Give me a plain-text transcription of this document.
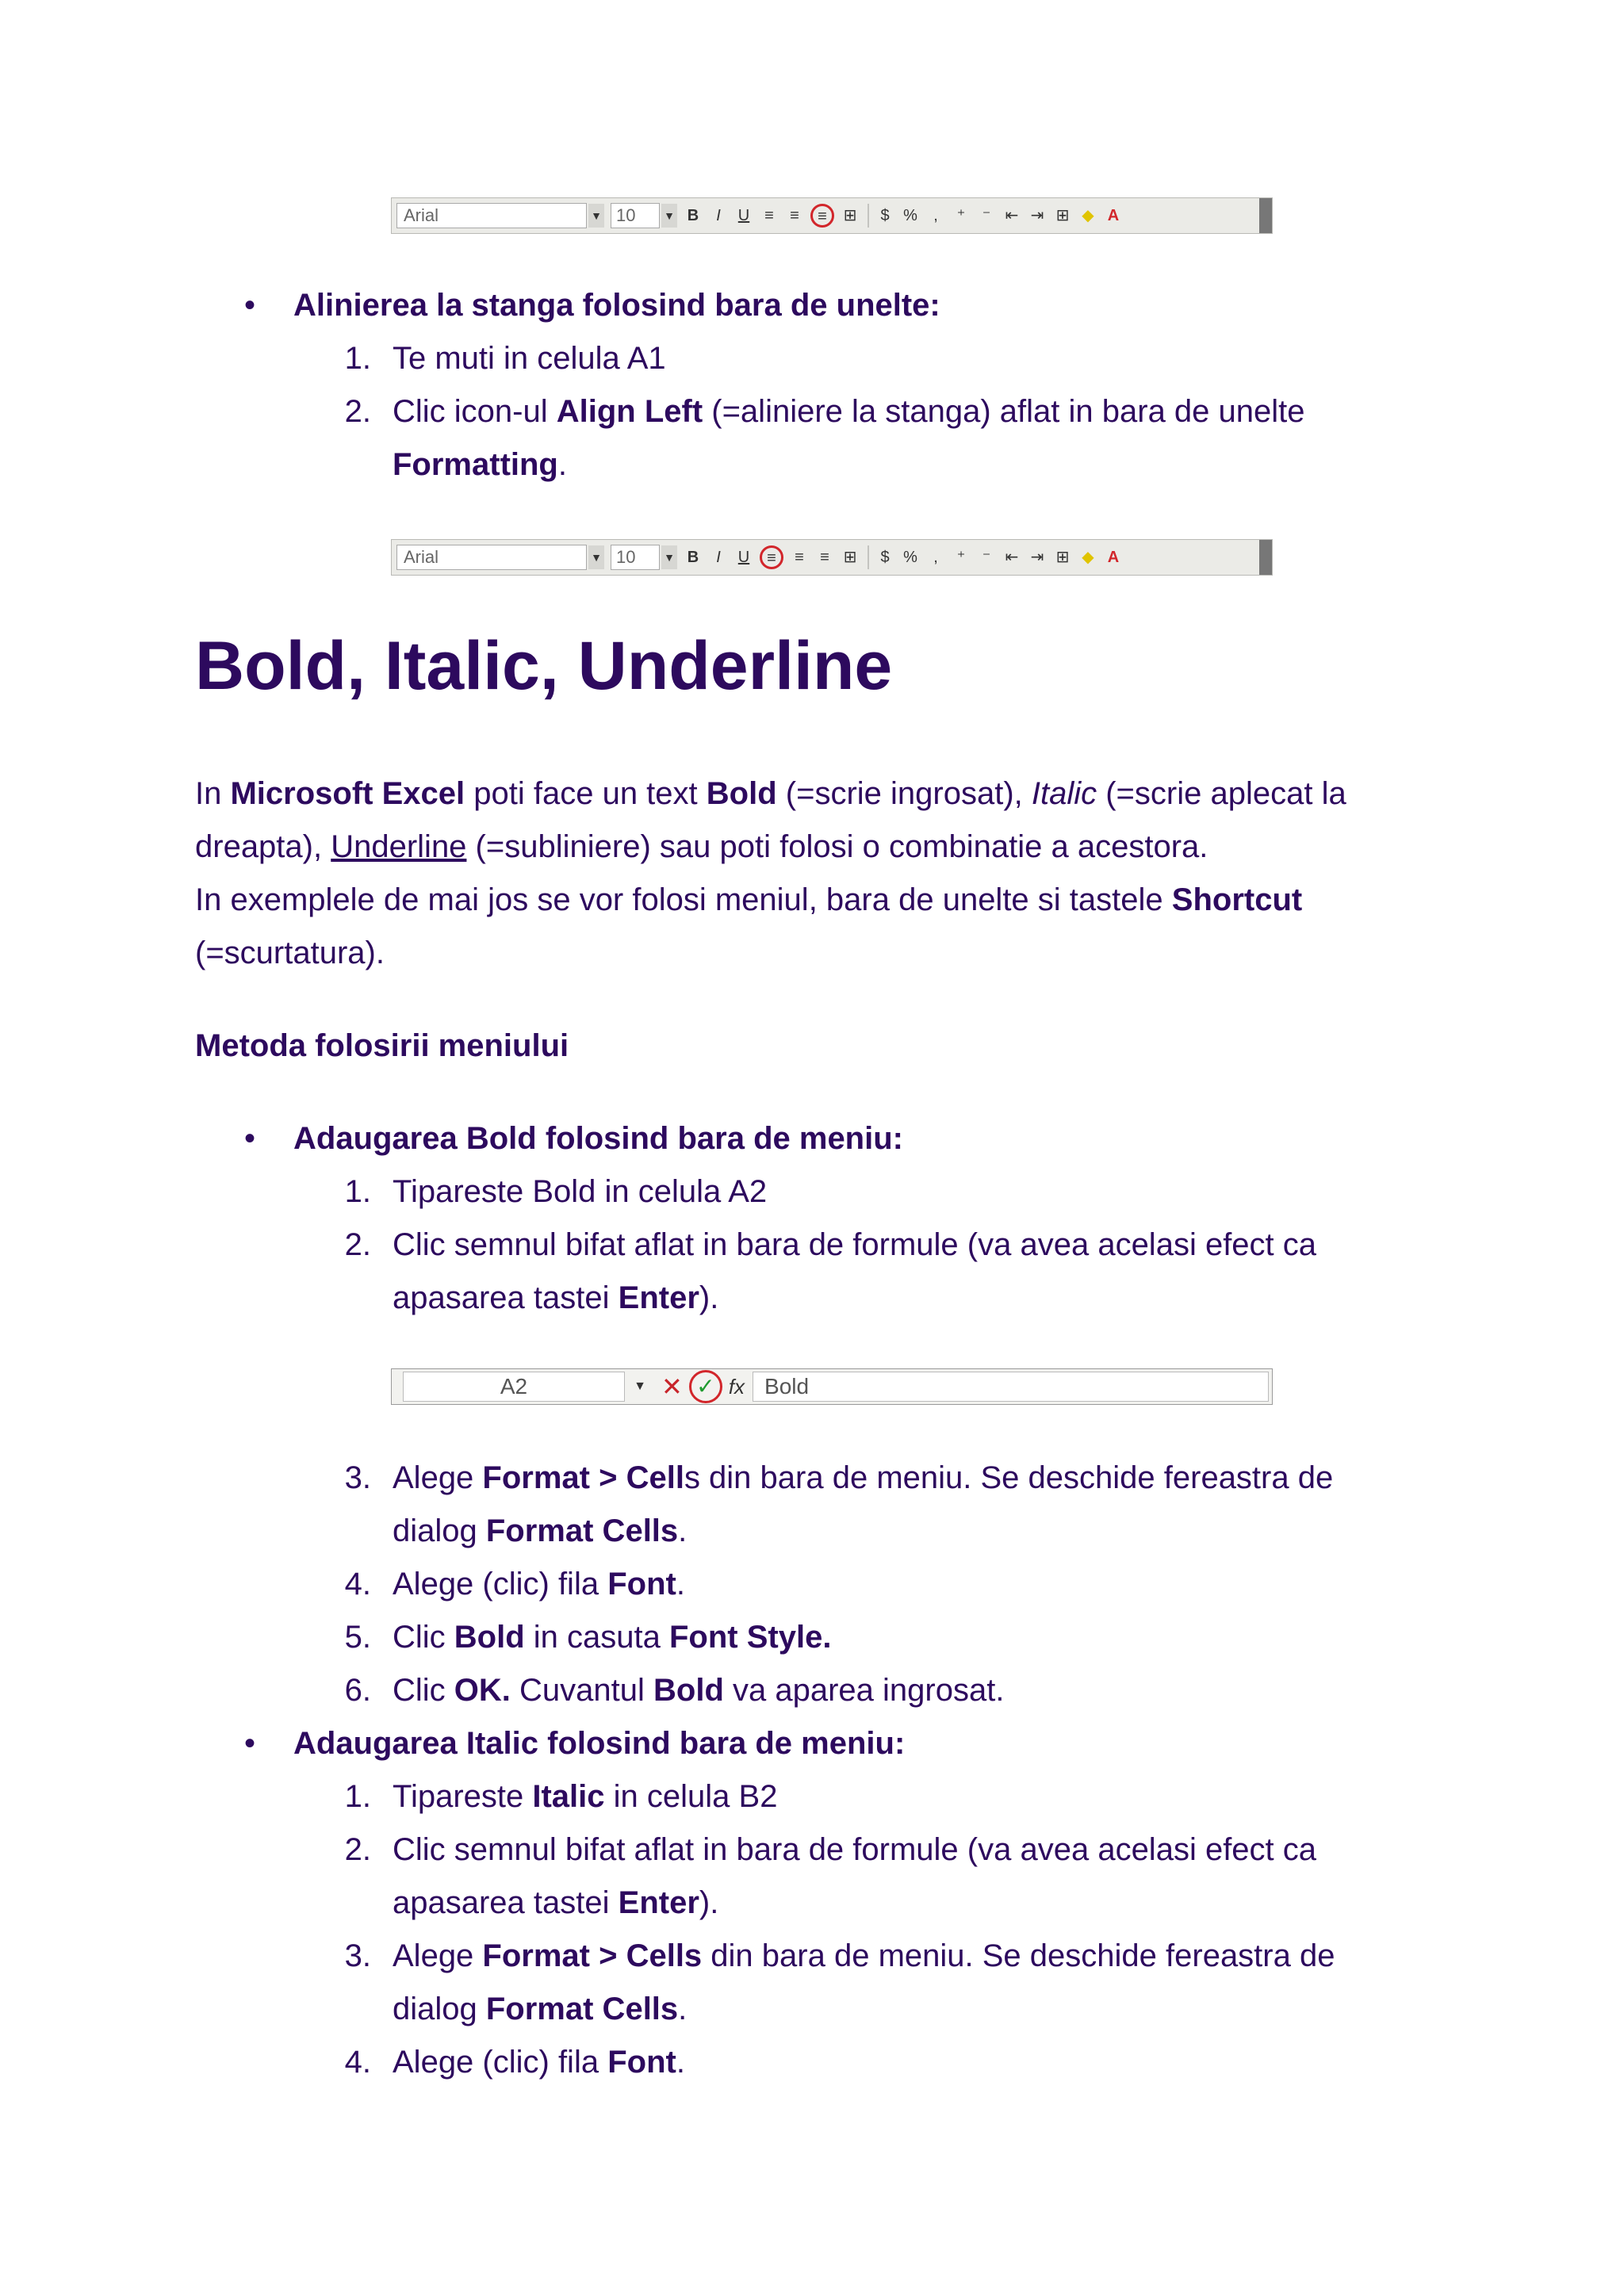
Arial	▼ 10	▼ B	I	U ≡	≡	≡	⊞	$ %	,	⁺	⁻ ⇤ ⇥ ⊞ ◆ A
• Alinierea la stanga folosind bara de unelte:
1. Te muti in celula A1
2. Clic icon-ul Align Left (=aliniere la stanga) aflat in bara de unelte
Formatting.
Arial	▼ 10	▼ B	I	U	≡	≡	≡ ⊞	$ %	,	⁺	⁻ ⇤ ⇥ ⊞ ◆ A
Bold, Italic, Underline
In Microsoft Excel poti face un text Bold (=scrie ingrosat), Italic (=scrie aplecat la
dreapta), Underline (=subliniere) sau poti folosi o combinatie a acestora.
In exemplele de mai jos se vor folosi meniul, bara de unelte si tastele Shortcut
(=scurtatura).
Metoda folosirii meniului
• Adaugarea Bold folosind bara de meniu:
1. Tipareste Bold in celula A2
2. Clic semnul bifat aflat in bara de formule (va avea acelasi efect ca
apasarea tastei Enter).
A2	▼ ✕ ✓ fx Bold
3. Alege Format > Cells din bara de meniu. Se deschide fereastra de
dialog Format Cells.
4. Alege (clic) fila Font.
5. Clic Bold in casuta Font Style.
6. Clic OK. Cuvantul Bold va aparea ingrosat.
• Adaugarea Italic folosind bara de meniu:
1. Tipareste Italic in celula B2
2. Clic semnul bifat aflat in bara de formule (va avea acelasi efect ca
apasarea tastei Enter).
3. Alege Format > Cells din bara de meniu. Se deschide fereastra de
dialog Format Cells.
4. Alege (clic) fila Font.
